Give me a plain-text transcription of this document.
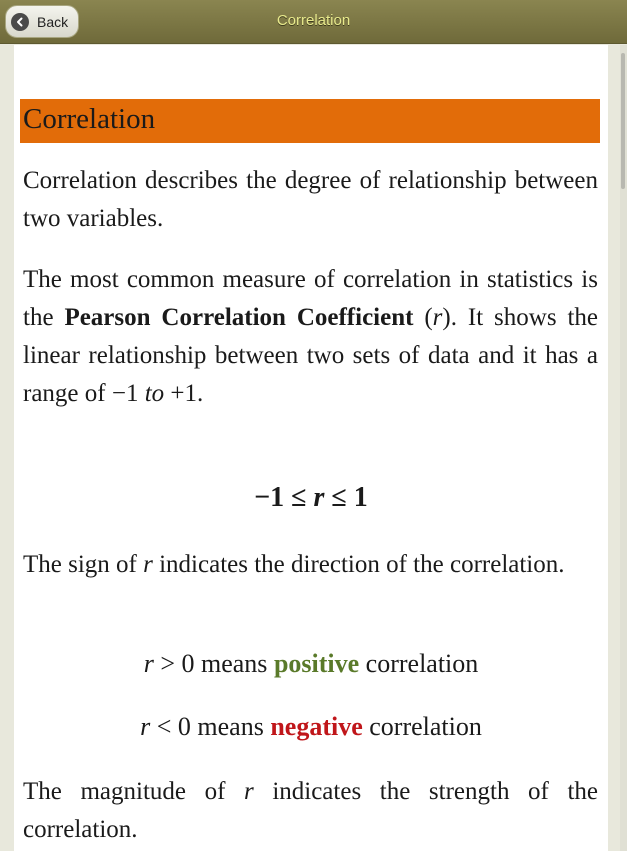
Back	Correlation
Correlation
Correlation describes the degree of relationship between two variables.
The most common measure of correlation in statistics is the Pearson Correlation Coefficient (r). It shows the linear relationship between two sets of data and it has a range of −1 to +1.
−1 ≤ r ≤ 1
The sign of r indicates the direction of the correlation.
r > 0 means positive correlation
r < 0 means negative correlation
The magnitude of r indicates the strength of the correlation.
